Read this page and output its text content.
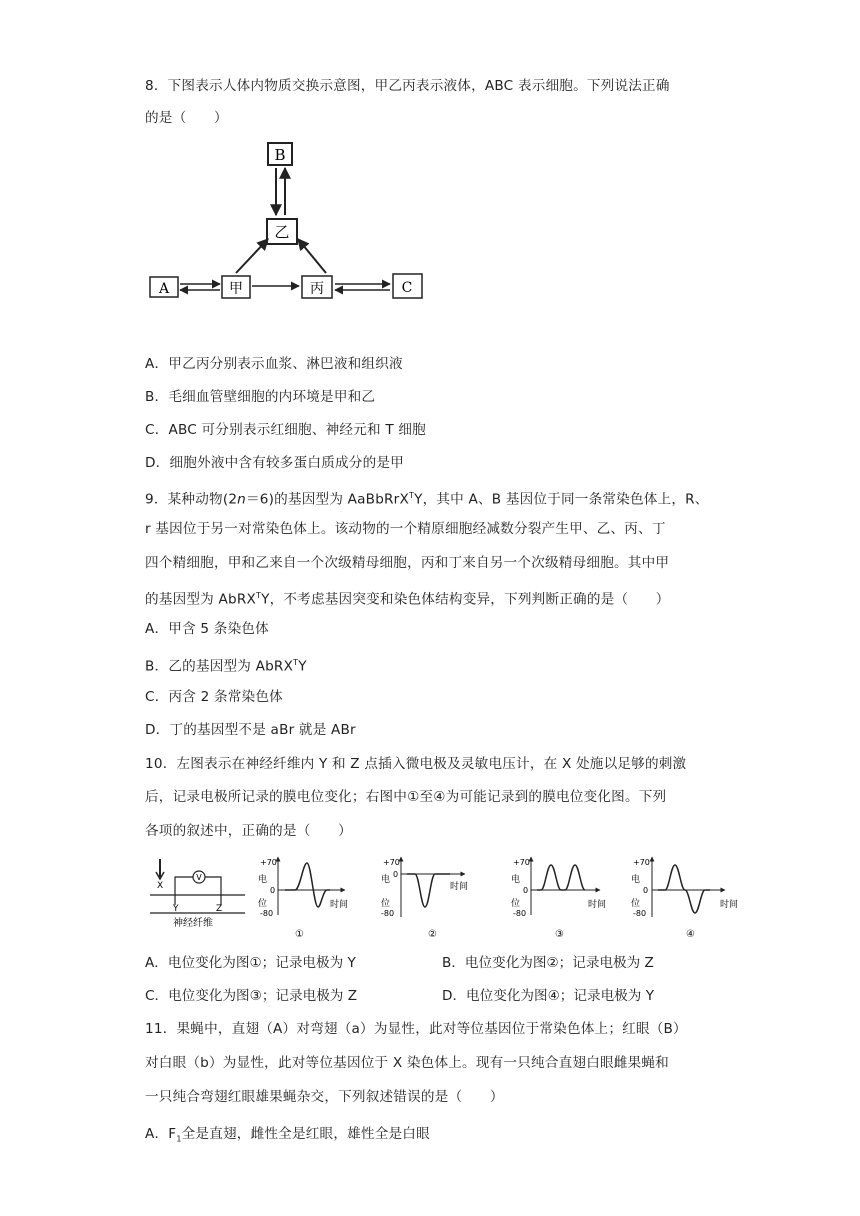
8．下图表示人体内物质交换示意图，甲乙丙表示液体，ABC 表示细胞。下列说法正确
的是（　　）
B
乙
A	甲	丙	C
A．甲乙丙分别表示血浆、淋巴液和组织液
B．毛细血管壁细胞的内环境是甲和乙
C．ABC 可分别表示红细胞、神经元和 T 细胞
D．细胞外液中含有较多蛋白质成分的是甲
9．某种动物(2n＝6)的基因型为 AaBbRrX$^T$Y，其中 A、B 基因位于同一条常染色体上，R、
r 基因位于另一对常染色体上。该动物的一个精原细胞经减数分裂产生甲、乙、丙、丁
四个精细胞，甲和乙来自一个次级精母细胞，丙和丁来自另一个次级精母细胞。其中甲
的基因型为 AbRX$^T$Y，不考虑基因突变和染色体结构变异，下列判断正确的是（　　）
A．甲含 5 条染色体
B．乙的基因型为 AbRX$^T$Y
C．丙含 2 条常染色体
D．丁的基因型不是 aBr 就是 ABr
10．左图表示在神经纤维内 Y 和 Z 点插入微电极及灵敏电压计，在 X 处施以足够的刺激
后，记录电极所记录的膜电位变化；右图中①至④为可能记录到的膜电位变化图。下列
各项的叙述中，正确的是（　　）
X
V
Y	Z
神经纤维
+70
电
位
0
-80
时间
①
+70
电
位
0
-80
时间
②
+70
电
位
0
-80
时间
③
+70
电
位
0
-80
时间
④
A．电位变化为图①；记录电极为 Y	B．电位变化为图②；记录电极为 Z
C．电位变化为图③；记录电极为 Z	D．电位变化为图④；记录电极为 Y
11．果蝇中，直翅（A）对弯翅（a）为显性，此对等位基因位于常染色体上；红眼（B）
对白眼（b）为显性，此对等位基因位于 X 染色体上。现有一只纯合直翅白眼雌果蝇和
一只纯合弯翅红眼雄果蝇杂交，下列叙述错误的是（　　）
A．$F_1$全是直翅，雌性全是红眼，雄性全是白眼
